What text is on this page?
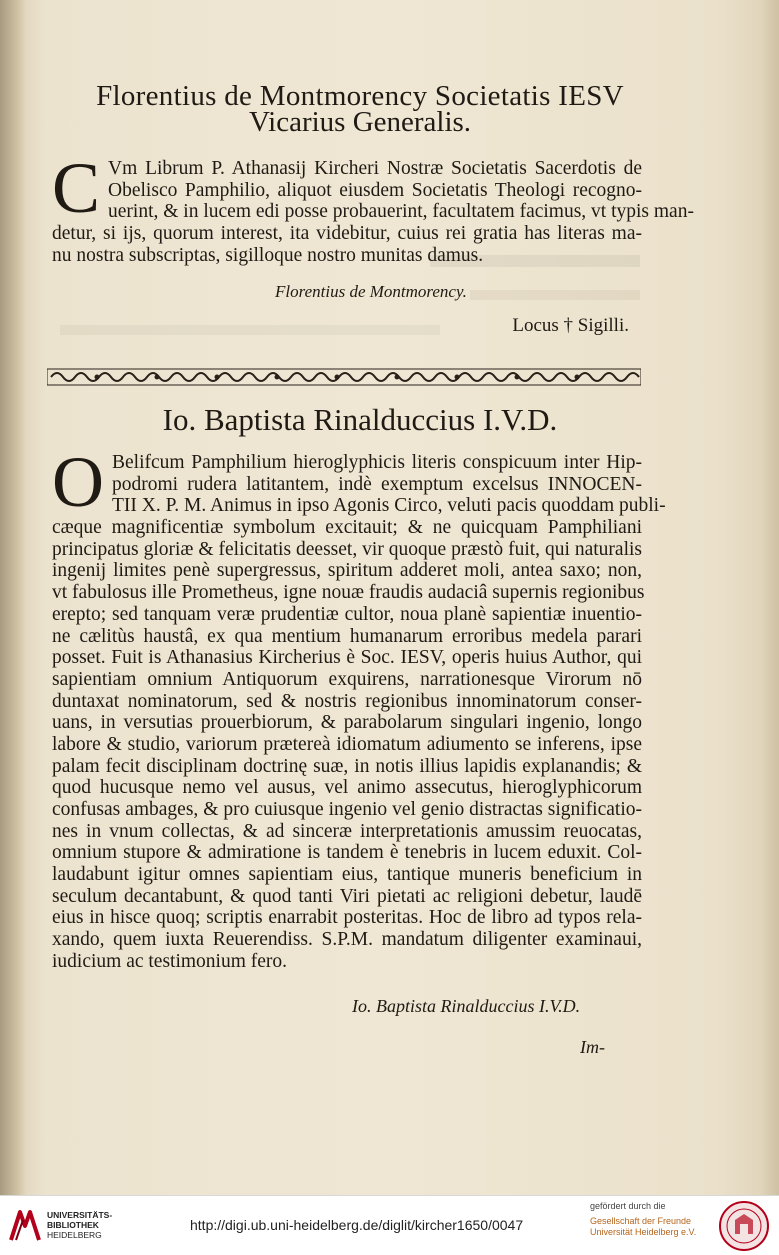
Florentius de Montmorency Societatis IESV
Vicarius Generalis.
C Vm Librum P. Athanasij Kircheri Nostræ Societatis Sacerdotis de
Obelisco Pamphilio, aliquot eiusdem Societatis Theologi recogno-
uerint, & in lucem edi posse probauerint, facultatem facimus, vt typis man-
detur, si ijs, quorum interest, ita videbitur, cuius rei gratia has literas ma-
nu nostra subscriptas, sigilloque nostro munitas damus.
Florentius de Montmorency.
Locus † Sigilli.
Io. Baptista Rinalduccius I.V.D.
O Belifcum Pamphilium hieroglyphicis literis conspicuum inter Hip-
podromi rudera latitantem, indè exemptum excelsus INNOCEN-
TII X. P. M. Animus in ipso Agonis Circo, veluti pacis quoddam publi-
cæque magnificentiæ symbolum excitauit; & ne quicquam Pamphiliani
principatus gloriæ & felicitatis deesset, vir quoque præstò fuit, qui naturalis
ingenij limites penè supergressus, spiritum adderet moli, antea saxo; non,
vt fabulosus ille Prometheus, igne nouæ fraudis audaciâ supernis regionibus
erepto; sed tanquam veræ prudentiæ cultor, noua planè sapientiæ inuentio-
ne cælitùs haustâ, ex qua mentium humanarum erroribus medela parari
posset. Fuit is Athanasius Kircherius è Soc. IESV, operis huius Author, qui
sapientiam omnium Antiquorum exquirens, narrationesque Virorum nō
duntaxat nominatorum, sed & nostris regionibus innominatorum conser-
uans, in versutias prouerbiorum, & parabolarum singulari ingenio, longo
labore & studio, variorum prætereà idiomatum adiumento se inferens, ipse
palam fecit disciplinam doctrinę suæ, in notis illius lapidis explanandis; &
quod hucusque nemo vel ausus, vel animo assecutus, hieroglyphicorum
confusas ambages, & pro cuiusque ingenio vel genio distractas significatio-
nes in vnum collectas, & ad sinceræ interpretationis amussim reuocatas,
omnium stupore & admiratione is tandem è tenebris in lucem eduxit. Col-
laudabunt igitur omnes sapientiam eius, tantique muneris beneficium in
seculum decantabunt, & quod tanti Viri pietati ac religioni debetur, laudē
eius in hisce quoq; scriptis enarrabit posteritas. Hoc de libro ad typos rela-
xando, quem iuxta Reuerendiss. S.P.M. mandatum diligenter examinaui,
iudicium ac testimonium fero.
Io. Baptista Rinalduccius I.V.D.
Im-
UNIVERSITÄTS-
BIBLIOTHEK
HEIDELBERG
http://digi.ub.uni-heidelberg.de/diglit/kircher1650/0047
gefördert durch die
Gesellschaft der Freunde
Universität Heidelberg e.V.
